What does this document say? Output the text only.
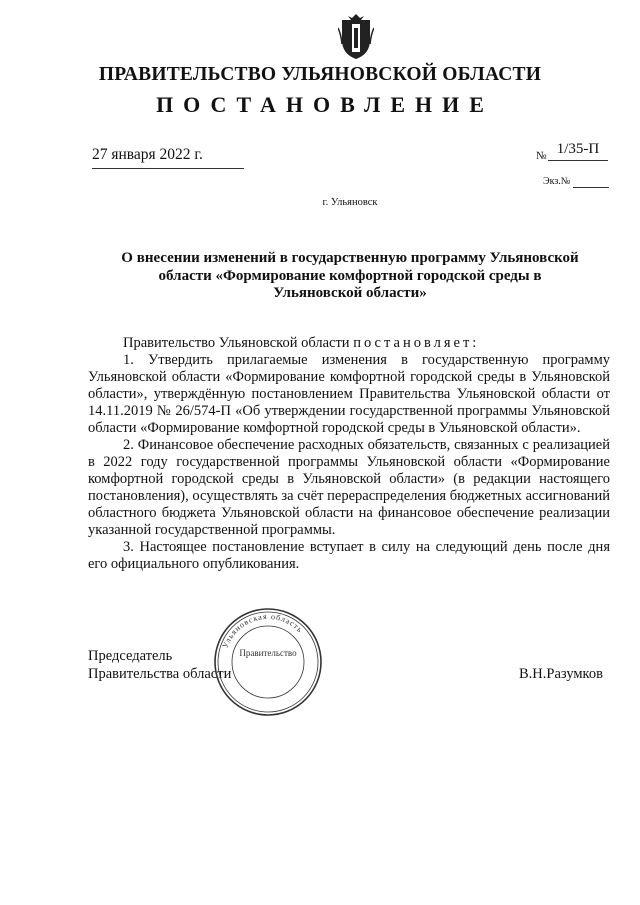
ПРАВИТЕЛЬСТВО УЛЬЯНОВСКОЙ ОБЛАСТИ
ПОСТАНОВЛЕНИЕ
27 января 2022 г.	№ 1/35-П
Экз.№
г. Ульяновск
О внесении изменений в государственную программу Ульяновской области «Формирование комфортной городской среды в Ульяновской области»

Правительство Ульяновской области постановляет:

1. Утвердить прилагаемые изменения в государственную программу Ульяновской области «Формирование комфортной городской среды в Ульяновской области», утверждённую постановлением Правительства Ульяновской области от 14.11.2019 № 26/574-П «Об утверждении государственной программы Ульяновской области «Формирование комфортной городской среды в Ульяновской области».

2. Финансовое обеспечение расходных обязательств, связанных с реализацией в 2022 году государственной программы Ульяновской области «Формирование комфортной городской среды в Ульяновской области» (в редакции настоящего постановления), осуществлять за счёт перераспределения бюджетных ассигнований областного бюджета Ульяновской области на финансовое обеспечение реализации указанной государственной программы.

3. Настоящее постановление вступает в силу на следующий день после дня его официального опубликования.

Председатель
Правительства области	В.Н.Разумков
Ульяновская область
Правительство
